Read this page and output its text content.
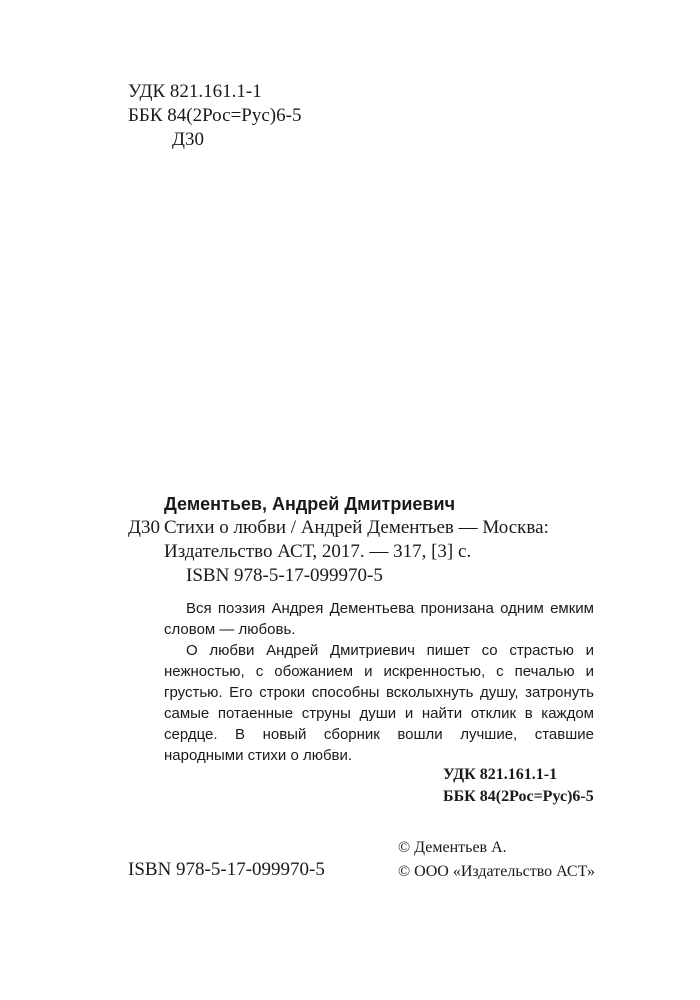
УДК 821.161.1-1
ББК 84(2Рос=Рус)6-5
Д30
Дементьев, Андрей Дмитриевич
Д30 Стихи о любви / Андрей Дементьев — Москва:
Издательство АСТ, 2017. — 317, [3] с.
ISBN 978-5-17-099970-5

Вся поэзия Андрея Дементьева пронизана одним емким словом — любовь.

О любви Андрей Дмитриевич пишет со страстью и нежностью, с обожанием и искренностью, с печалью и грустью. Его строки способны всколыхнуть душу, затронуть самые потаенные струны души и найти отклик в каждом сердце. В новый сборник вошли лучшие, ставшие народными стихи о любви.

УДК 821.161.1-1
ББК 84(2Рос=Рус)6-5
ISBN 978-5-17-099970-5
© Дементьев А.
© ООО «Издательство АСТ»
